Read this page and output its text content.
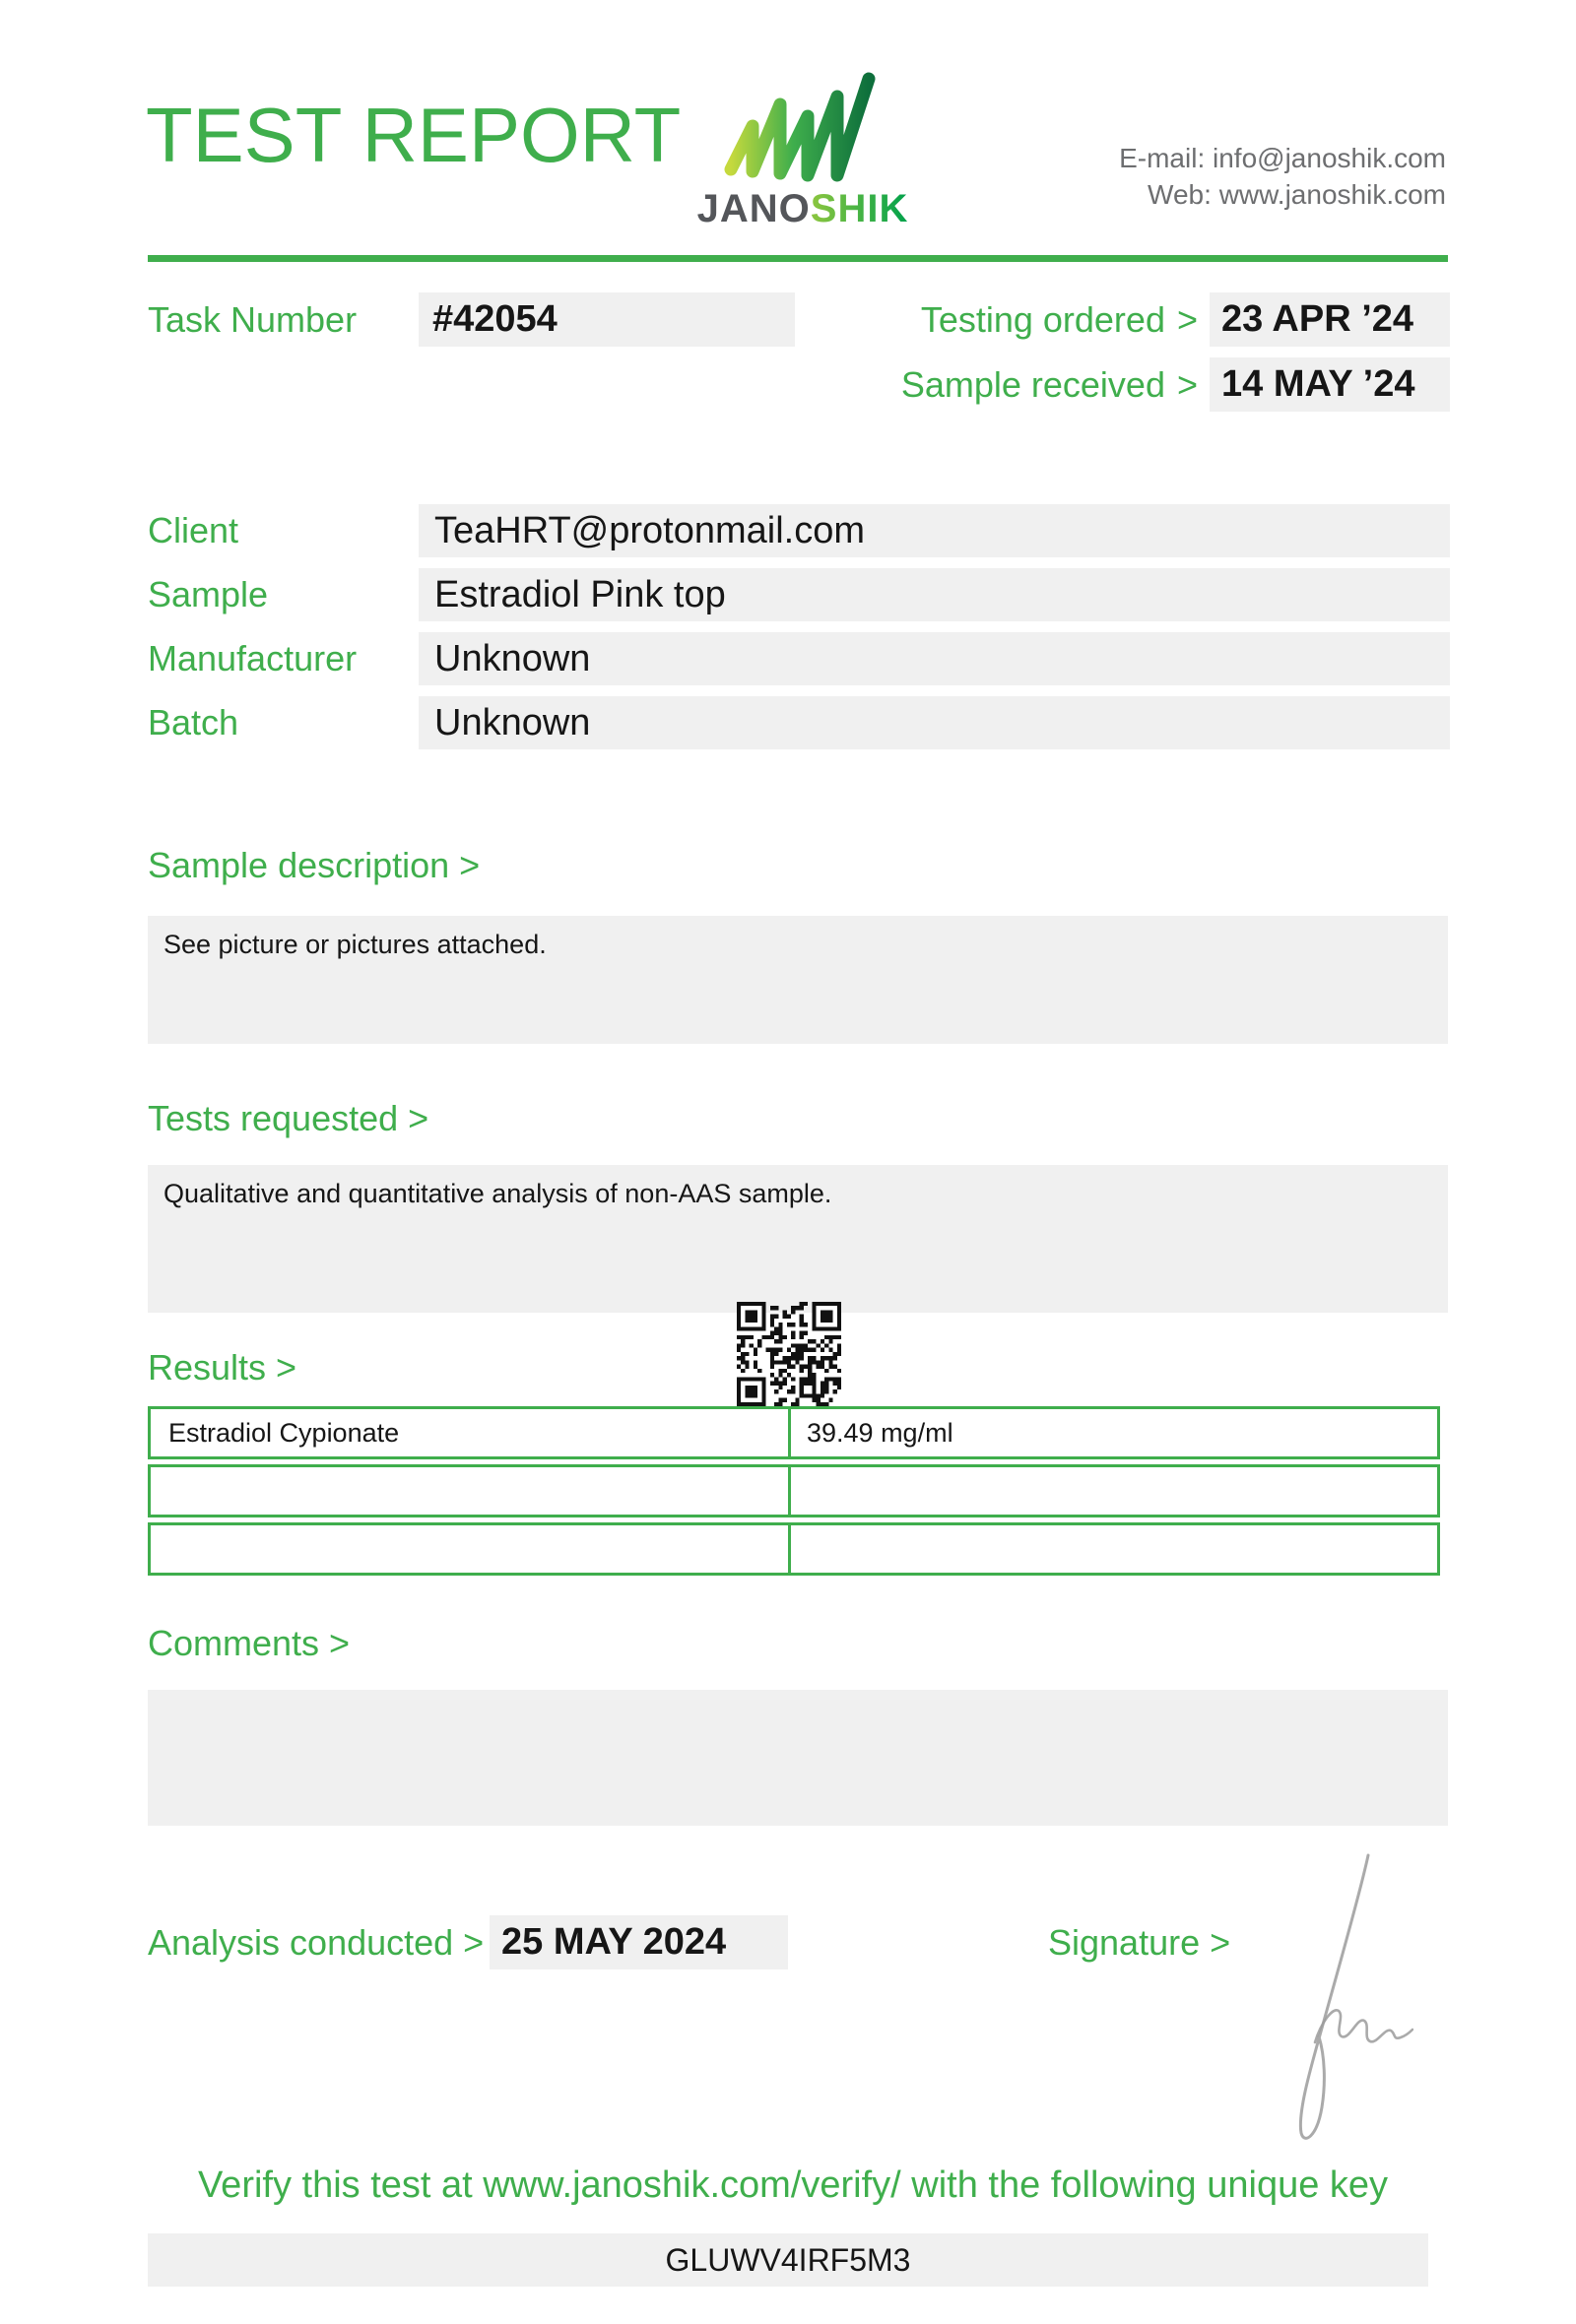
TEST REPORT
JANOSHIK
E-mail: info@janoshik.com
Web: www.janoshik.com
Task Number	#42054	Testing ordered > 23 APR ’24
Sample received > 14 MAY ’24
Client	TeaHRT@protonmail.com
Sample	Estradiol Pink top
Manufacturer	Unknown
Batch	Unknown
Sample description >
See picture or pictures attached.
Tests requested >
Qualitative and quantitative analysis of non-AAS sample.
Results >
Estradiol Cypionate	39.49 mg/ml
Comments >
Analysis conducted > 25 MAY 2024	Signature >
Verify this test at www.janoshik.com/verify/ with the following unique key
GLUWV4IRF5M3
